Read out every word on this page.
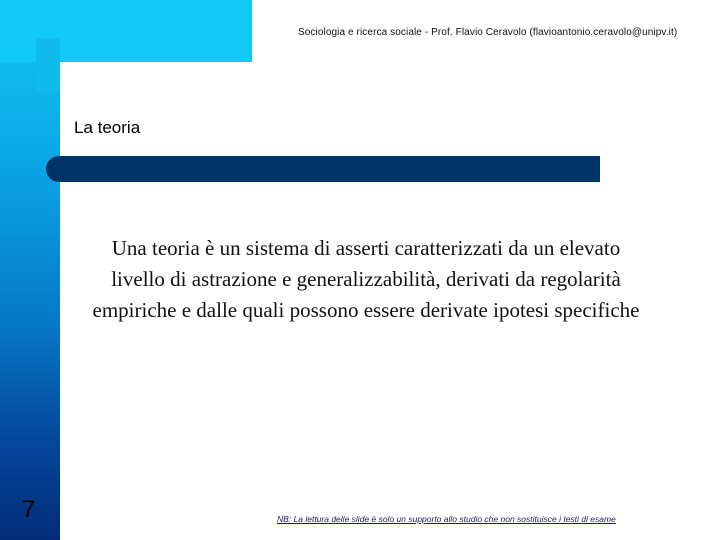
Sociologia e ricerca sociale - Prof. Flavio Ceravolo (flavioantonio.ceravolo@unipv.it)
La teoria
Una teoria è un sistema di asserti caratterizzati da un elevato livello di astrazione e generalizzabilità, derivati da regolarità empiriche e dalle quali possono essere derivate ipotesi specifiche
7	NB: La lettura delle slide è solo un supporto allo studio che non sostituisce i testi di esame
